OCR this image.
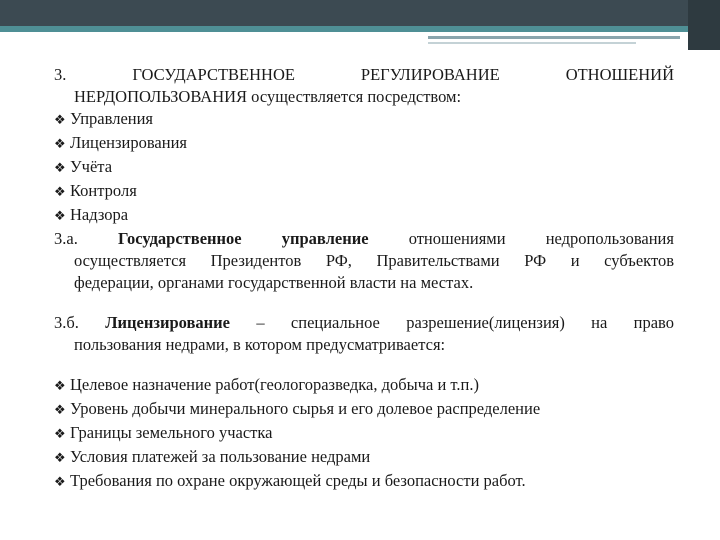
3.	ГОСУДАРСТВЕННОЕ	РЕГУЛИРОВАНИЕ	ОТНОШЕНИЙ
НЕРДОПОЛЬЗОВАНИЯ осуществляется посредством:
❖ Управления
❖ Лицензирования
❖ Учёта
❖ Контроля
❖ Надзора
3.а. Государственное управление отношениями недропользования
осуществляется Президентов РФ, Правительствами РФ и субъектов
федерации, органами государственной власти на местах.
3.б. Лицензирование – специальное разрешение(лицензия) на право
пользования недрами, в котором предусматривается:
❖ Целевое назначение работ(геологоразведка, добыча и т.п.)
❖ Уровень добычи минерального сырья и его долевое распределение
❖ Границы земельного участка
❖ Условия платежей за пользование недрами
❖ Требования по охране окружающей среды и безопасности работ.
